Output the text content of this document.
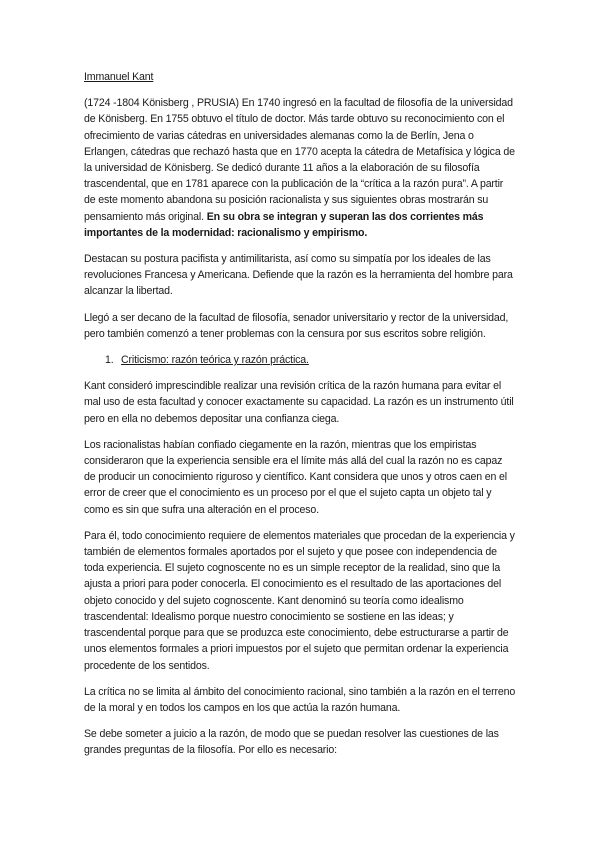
Immanuel Kant

(1724 -1804 Könisberg , PRUSIA) En 1740 ingresó en la facultad de filosofía de la universidad de Könisberg. En 1755 obtuvo el título de doctor. Más tarde obtuvo su reconocimiento con el ofrecimiento de varias cátedras en universidades alemanas como la de Berlín, Jena o Erlangen, cátedras que rechazó hasta que en 1770 acepta la cátedra de Metafísica y lógica de la universidad de Könisberg. Se dedicó durante 11 años a la elaboración de su filosofía trascendental, que en 1781 aparece con la publicación de la “crítica a la razón pura”. A partir de este momento abandona su posición racionalista y sus siguientes obras mostrarán su pensamiento más original. En su obra se integran y superan las dos corrientes más importantes de la modernidad: racionalismo y empirismo.

Destacan su postura pacifista y antimilitarista, así como su simpatía por los ideales de las revoluciones Francesa y Americana. Defiende que la razón es la herramienta del hombre para alcanzar la libertad.

Llegó a ser decano de la facultad de filosofía, senador universitario y rector de la universidad, pero también comenzó a tener problemas con la censura por sus escritos sobre religión.

1. Criticismo: razón teórica y razón práctica.

Kant consideró imprescindible realizar una revisión crítica de la razón humana para evitar el mal uso de esta facultad y conocer exactamente su capacidad. La razón es un instrumento útil pero en ella no debemos depositar una confianza ciega.

Los racionalistas habían confiado ciegamente en la razón, mientras que los empiristas consideraron que la experiencia sensible era el límite más allá del cual la razón no es capaz de producir un conocimiento riguroso y científico. Kant considera que unos y otros caen en el error de creer que el conocimiento es un proceso por el que el sujeto capta un objeto tal y como es sin que sufra una alteración en el proceso.

Para él, todo conocimiento requiere de elementos materiales que procedan de la experiencia y también de elementos formales aportados por el sujeto y que posee con independencia de toda experiencia. El sujeto cognoscente no es un simple receptor de la realidad, sino que la ajusta a priori para poder conocerla. El conocimiento es el resultado de las aportaciones del objeto conocido y del sujeto cognoscente. Kant denominó su teoría como idealismo trascendental: Idealismo porque nuestro conocimiento se sostiene en las ideas; y trascendental porque para que se produzca este conocimiento, debe estructurarse a partir de unos elementos formales a priori impuestos por el sujeto que permitan ordenar la experiencia procedente de los sentidos.

La crítica no se limita al ámbito del conocimiento racional, sino también a la razón en el terreno de la moral y en todos los campos en los que actúa la razón humana.

Se debe someter a juicio a la razón, de modo que se puedan resolver las cuestiones de las grandes preguntas de la filosofía. Por ello es necesario:
